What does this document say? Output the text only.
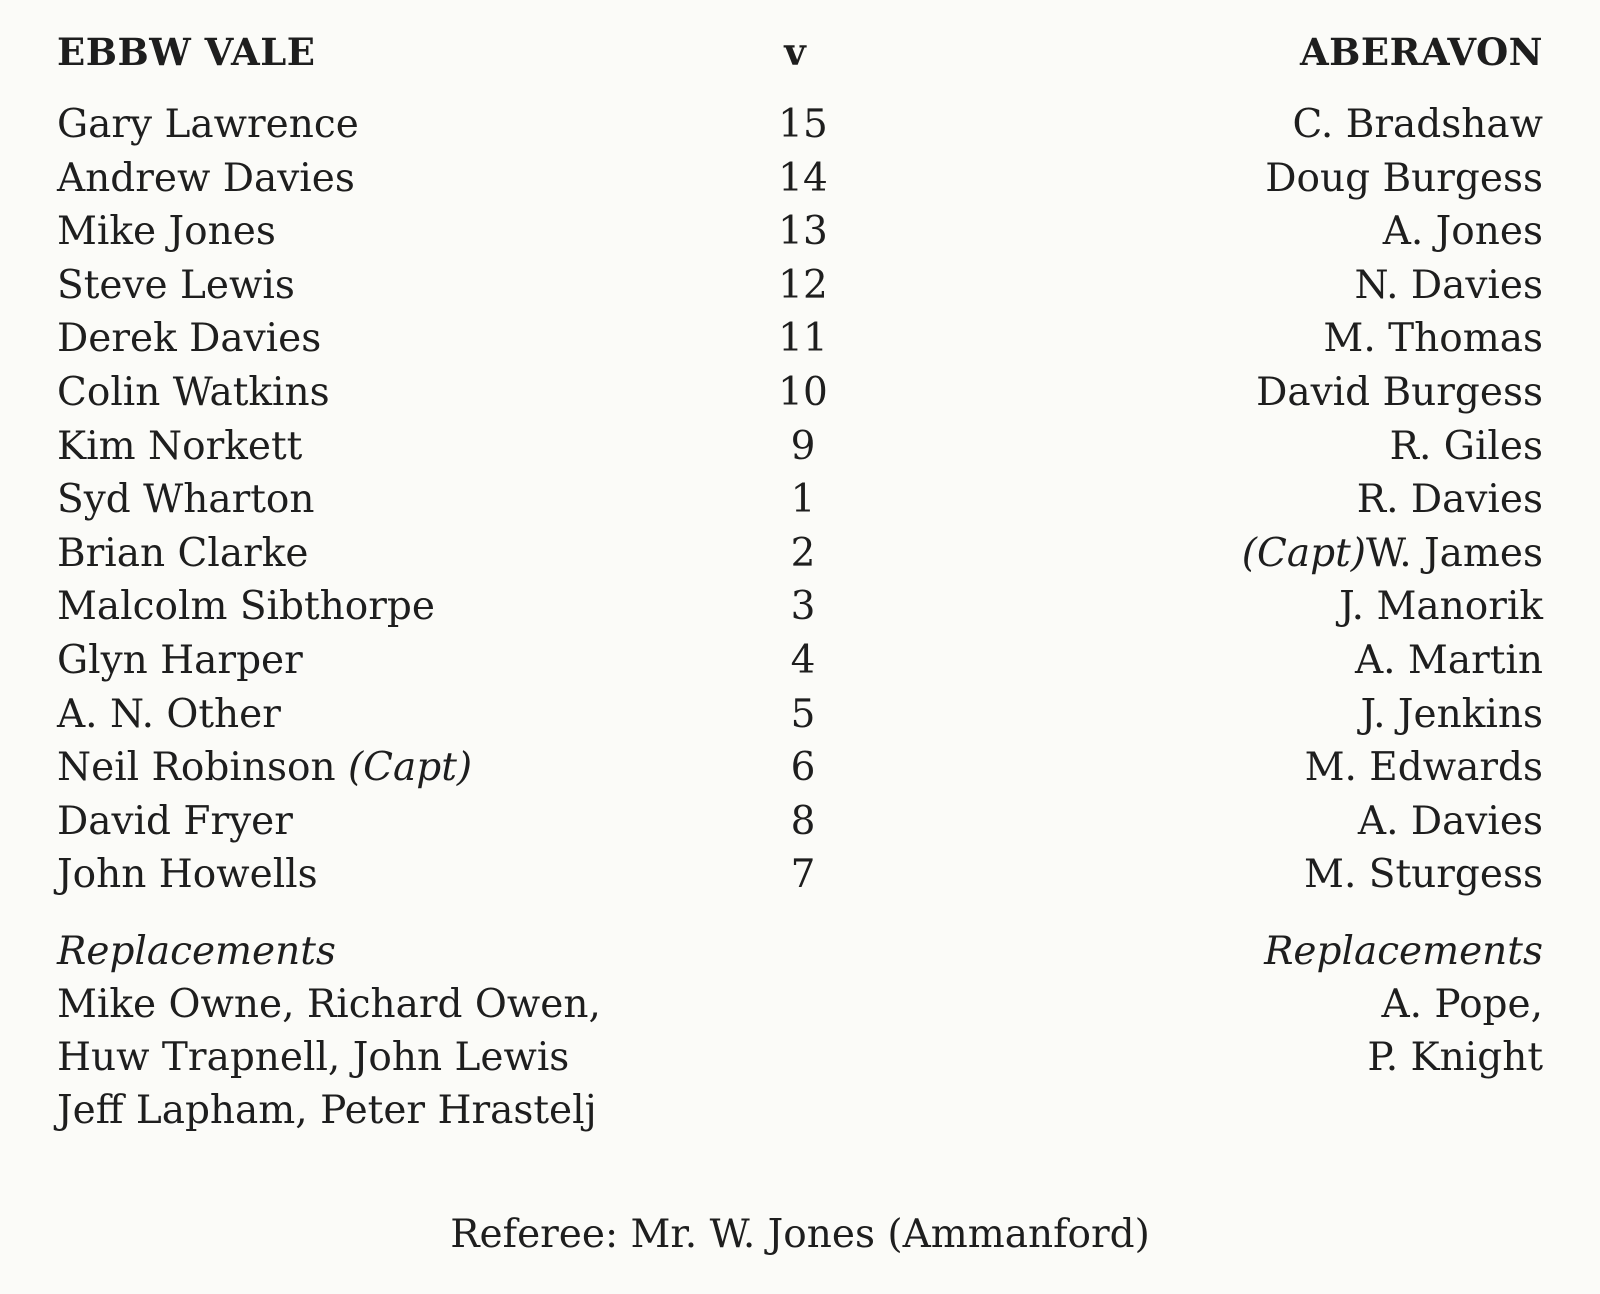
EBBW VALE	v	ABERAVON
Gary Lawrence	15	C. Bradshaw
Andrew Davies	14	Doug Burgess
Mike Jones	13	A. Jones
Steve Lewis	12	N. Davies
Derek Davies	11	M. Thomas
Colin Watkins	10	David Burgess
Kim Norkett	9	R. Giles
Syd Wharton	1	R. Davies
Brian Clarke	2	(Capt)W. James
Malcolm Sibthorpe	3	J. Manorik
Glyn Harper	4	A. Martin
A. N. Other	5	J. Jenkins
Neil Robinson (Capt)	6	M. Edwards
David Fryer	8	A. Davies
John Howells	7	M. Sturgess
Replacements
Mike Owne, Richard Owen,
Huw Trapnell, John Lewis
Jeff Lapham, Peter Hrastelj
Replacements
A. Pope,
P. Knight
Referee: Mr. W. Jones (Ammanford)
